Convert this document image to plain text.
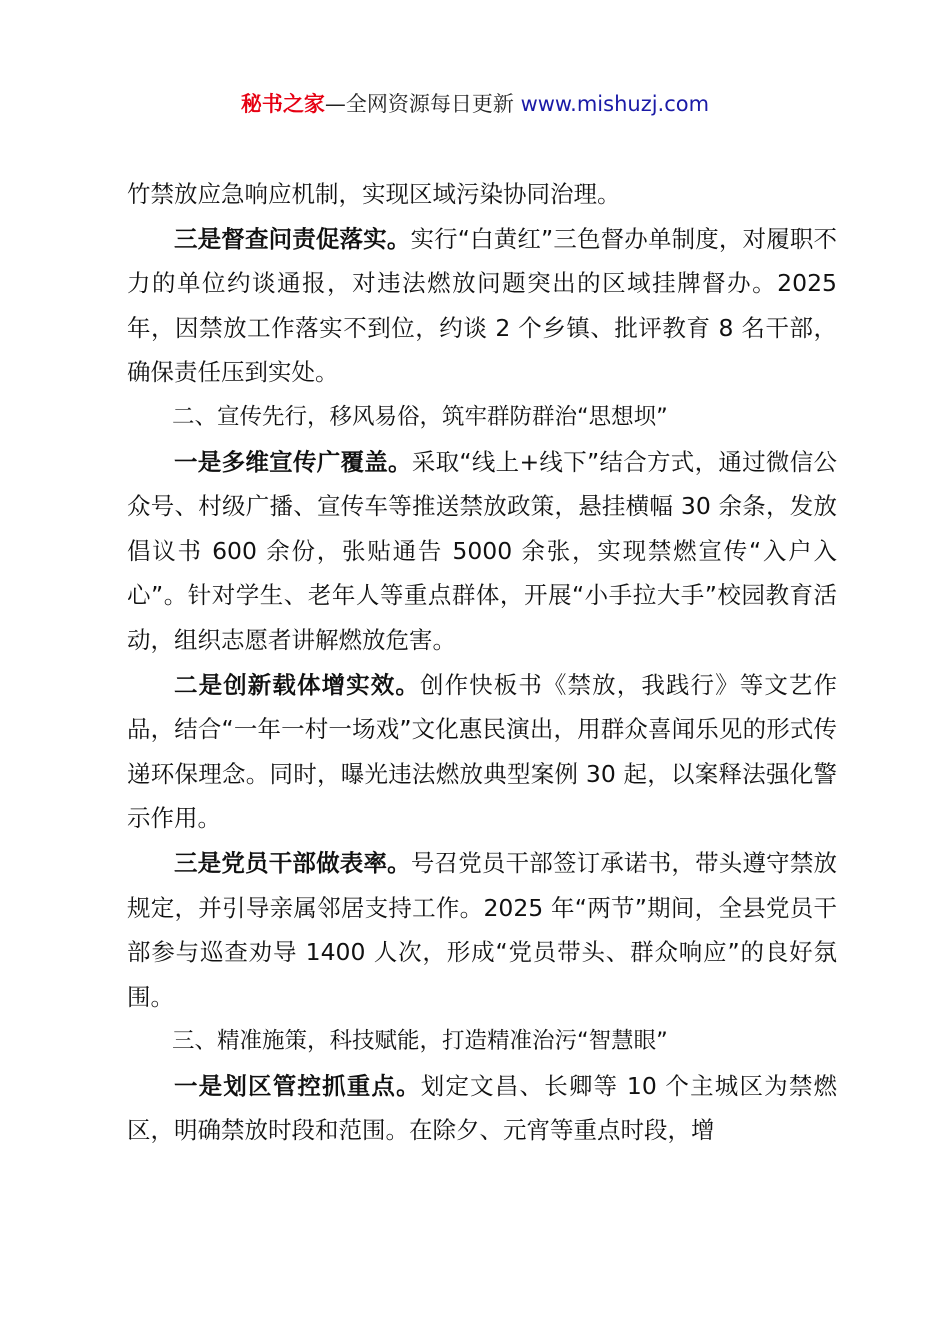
秘书之家—全网资源每日更新 www.mishuzj.com

竹禁放应急响应机制，实现区域污染协同治理。

三是督查问责促落实。实行“白黄红”三色督办单制度，对履职不力的单位约谈通报，对违法燃放问题突出的区域挂牌督办。2025 年，因禁放工作落实不到位，约谈 2 个乡镇、批评教育 8 名干部，确保责任压到实处。

二、宣传先行，移风易俗，筑牢群防群治“思想坝”

一是多维宣传广覆盖。采取“线上+线下”结合方式，通过微信公众号、村级广播、宣传车等推送禁放政策，悬挂横幅 30 余条，发放倡议书 600 余份，张贴通告 5000 余张，实现禁燃宣传“入户入心”。针对学生、老年人等重点群体，开展“小手拉大手”校园教育活动，组织志愿者讲解燃放危害。

二是创新载体增实效。创作快板书《禁放，我践行》等文艺作品，结合“一年一村一场戏”文化惠民演出，用群众喜闻乐见的形式传递环保理念。同时，曝光违法燃放典型案例 30 起，以案释法强化警示作用。

三是党员干部做表率。号召党员干部签订承诺书，带头遵守禁放规定，并引导亲属邻居支持工作。2025 年“两节”期间，全县党员干部参与巡查劝导 1400 人次，形成“党员带头、群众响应”的良好氛围。

三、精准施策，科技赋能，打造精准治污“智慧眼”

一是划区管控抓重点。划定文昌、长卿等 10 个主城区为禁燃区，明确禁放时段和范围。在除夕、元宵等重点时段，增
